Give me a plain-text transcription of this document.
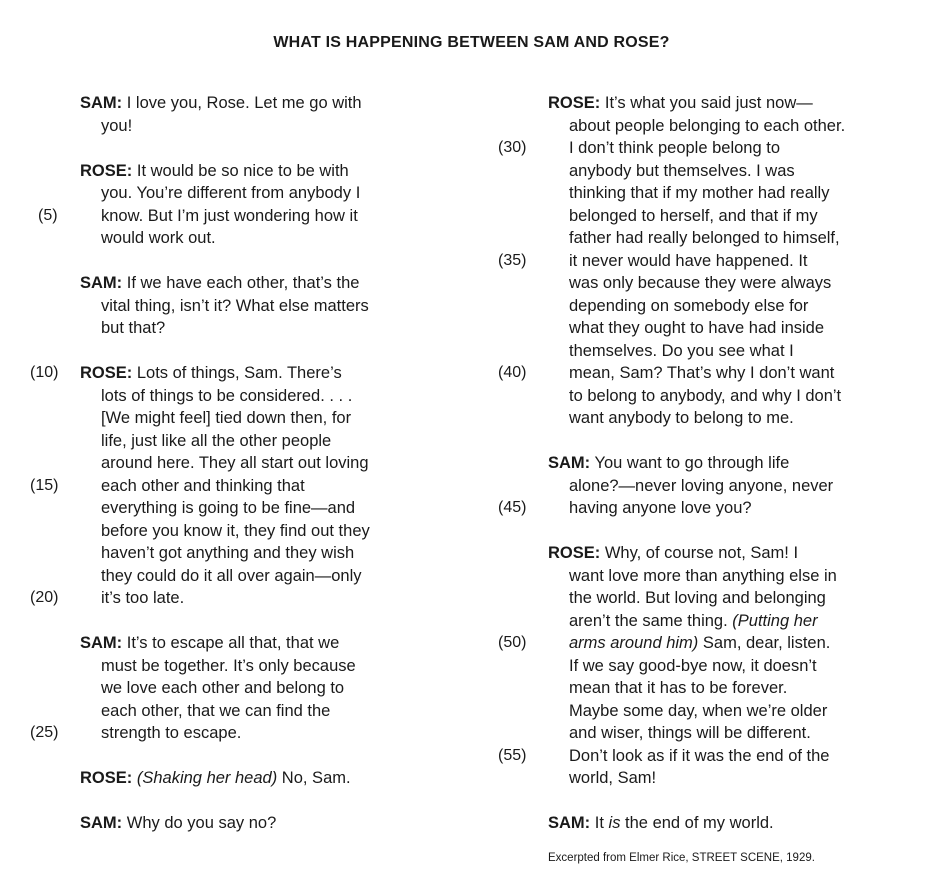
WHAT IS HAPPENING BETWEEN SAM AND ROSE?
SAM: I love you, Rose. Let me go with
you!
ROSE: It would be so nice to be with
you. You’re different from anybody I
(5)	know. But I’m just wondering how it
would work out.
SAM: If we have each other, that’s the
vital thing, isn’t it? What else matters
but that?
(10)	ROSE: Lots of things, Sam. There’s
lots of things to be considered. . . .
[We might feel] tied down then, for
life, just like all the other people
around here. They all start out loving
(15)	each other and thinking that
everything is going to be fine—and
before you know it, they find out they
haven’t got anything and they wish
they could do it all over again—only
(20)	it’s too late.
SAM: It’s to escape all that, that we
must be together. It’s only because
we love each other and belong to
each other, that we can find the
(25)	strength to escape.
ROSE: (Shaking her head) No, Sam.
SAM: Why do you say no?
ROSE: It’s what you said just now—
about people belonging to each other.
(30)	I don’t think people belong to
anybody but themselves. I was
thinking that if my mother had really
belonged to herself, and that if my
father had really belonged to himself,
(35)	it never would have happened. It
was only because they were always
depending on somebody else for
what they ought to have had inside
themselves. Do you see what I
(40)	mean, Sam? That’s why I don’t want
to belong to anybody, and why I don’t
want anybody to belong to me.
SAM: You want to go through life
alone?—never loving anyone, never
(45)	having anyone love you?
ROSE: Why, of course not, Sam! I
want love more than anything else in
the world. But loving and belonging
aren’t the same thing. (Putting her
(50)	arms around him) Sam, dear, listen.
If we say good-bye now, it doesn’t
mean that it has to be forever.
Maybe some day, when we’re older
and wiser, things will be different.
(55)	Don’t look as if it was the end of the
world, Sam!
SAM: It is the end of my world.
Excerpted from Elmer Rice, STREET SCENE, 1929.
